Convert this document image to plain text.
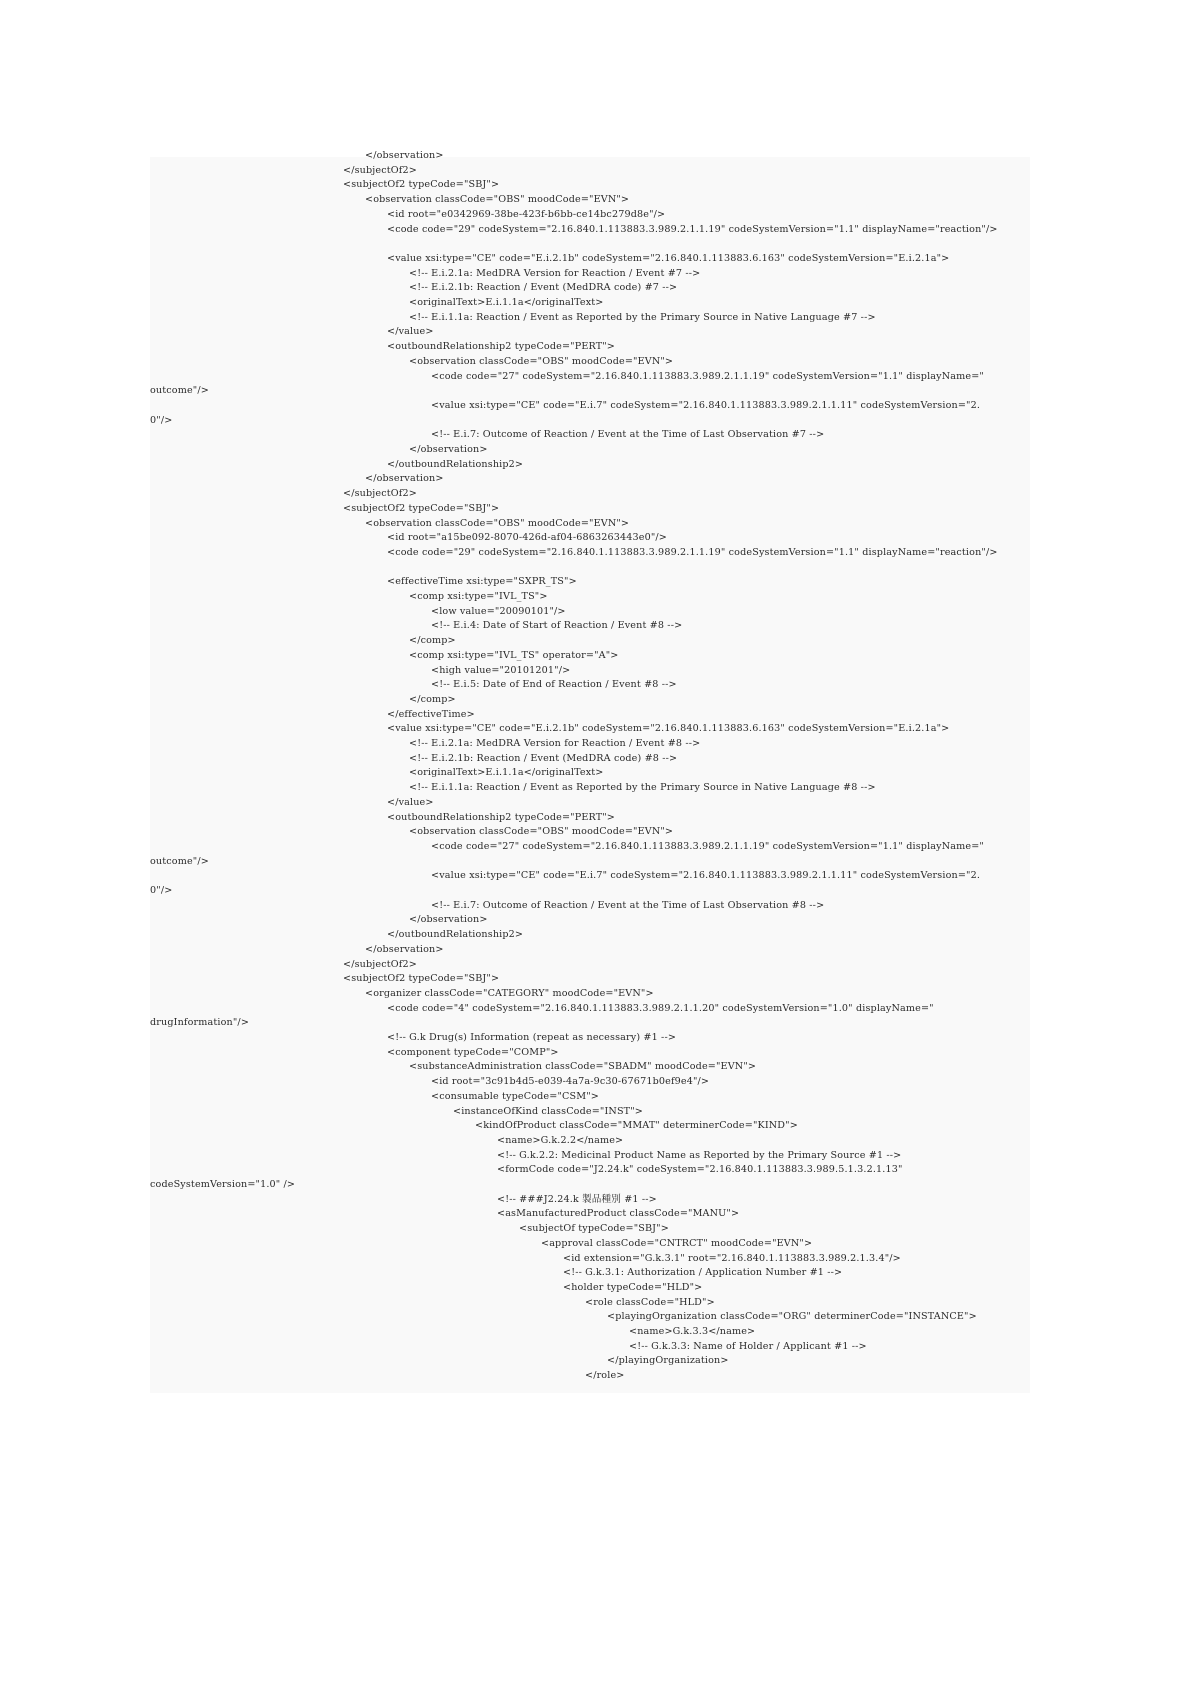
</observation>
</subjectOf2>
<subjectOf2 typeCode="SBJ">
<observation classCode="OBS" moodCode="EVN">
<id root="e0342969-38be-423f-b6bb-ce14bc279d8e"/>
<code code="29" codeSystem="2.16.840.1.113883.3.989.2.1.1.19" codeSystemVersion="1.1" displayName="reaction"/>
<value xsi:type="CE" code="E.i.2.1b" codeSystem="2.16.840.1.113883.6.163" codeSystemVersion="E.i.2.1a">
<!-- E.i.2.1a: MedDRA Version for Reaction / Event #7 -->
<!-- E.i.2.1b: Reaction / Event (MedDRA code) #7 -->
<originalText>E.i.1.1a</originalText>
<!-- E.i.1.1a: Reaction / Event as Reported by the Primary Source in Native Language #7 -->
</value>
<outboundRelationship2 typeCode="PERT">
<observation classCode="OBS" moodCode="EVN">
<code code="27" codeSystem="2.16.840.1.113883.3.989.2.1.1.19" codeSystemVersion="1.1" displayName="
outcome"/>
<value xsi:type="CE" code="E.i.7" codeSystem="2.16.840.1.113883.3.989.2.1.1.11" codeSystemVersion="2.
0"/>
<!-- E.i.7: Outcome of Reaction / Event at the Time of Last Observation #7 -->
</observation>
</outboundRelationship2>
</observation>
</subjectOf2>
<subjectOf2 typeCode="SBJ">
<observation classCode="OBS" moodCode="EVN">
<id root="a15be092-8070-426d-af04-6863263443e0"/>
<code code="29" codeSystem="2.16.840.1.113883.3.989.2.1.1.19" codeSystemVersion="1.1" displayName="reaction"/>
<effectiveTime xsi:type="SXPR_TS">
<comp xsi:type="IVL_TS">
<low value="20090101"/>
<!-- E.i.4: Date of Start of Reaction / Event #8 -->
</comp>
<comp xsi:type="IVL_TS" operator="A">
<high value="20101201"/>
<!-- E.i.5: Date of End of Reaction / Event #8 -->
</comp>
</effectiveTime>
<value xsi:type="CE" code="E.i.2.1b" codeSystem="2.16.840.1.113883.6.163" codeSystemVersion="E.i.2.1a">
<!-- E.i.2.1a: MedDRA Version for Reaction / Event #8 -->
<!-- E.i.2.1b: Reaction / Event (MedDRA code) #8 -->
<originalText>E.i.1.1a</originalText>
<!-- E.i.1.1a: Reaction / Event as Reported by the Primary Source in Native Language #8 -->
</value>
<outboundRelationship2 typeCode="PERT">
<observation classCode="OBS" moodCode="EVN">
<code code="27" codeSystem="2.16.840.1.113883.3.989.2.1.1.19" codeSystemVersion="1.1" displayName="
outcome"/>
<value xsi:type="CE" code="E.i.7" codeSystem="2.16.840.1.113883.3.989.2.1.1.11" codeSystemVersion="2.
0"/>
<!-- E.i.7: Outcome of Reaction / Event at the Time of Last Observation #8 -->
</observation>
</outboundRelationship2>
</observation>
</subjectOf2>
<subjectOf2 typeCode="SBJ">
<organizer classCode="CATEGORY" moodCode="EVN">
<code code="4" codeSystem="2.16.840.1.113883.3.989.2.1.1.20" codeSystemVersion="1.0" displayName="
drugInformation"/>
<!-- G.k Drug(s) Information (repeat as necessary) #1 -->
<component typeCode="COMP">
<substanceAdministration classCode="SBADM" moodCode="EVN">
<id root="3c91b4d5-e039-4a7a-9c30-67671b0ef9e4"/>
<consumable typeCode="CSM">
<instanceOfKind classCode="INST">
<kindOfProduct classCode="MMAT" determinerCode="KIND">
<name>G.k.2.2</name>
<!-- G.k.2.2: Medicinal Product Name as Reported by the Primary Source #1 -->
<formCode code="J2.24.k" codeSystem="2.16.840.1.113883.3.989.5.1.3.2.1.13"
codeSystemVersion="1.0" />
<!-- ###J2.24.k 製品種別 #1 -->
<asManufacturedProduct classCode="MANU">
<subjectOf typeCode="SBJ">
<approval classCode="CNTRCT" moodCode="EVN">
<id extension="G.k.3.1" root="2.16.840.1.113883.3.989.2.1.3.4"/>
<!-- G.k.3.1: Authorization / Application Number #1 -->
<holder typeCode="HLD">
<role classCode="HLD">
<playingOrganization classCode="ORG" determinerCode="INSTANCE">
<name>G.k.3.3</name>
<!-- G.k.3.3: Name of Holder / Applicant #1 -->
</playingOrganization>
</role>
